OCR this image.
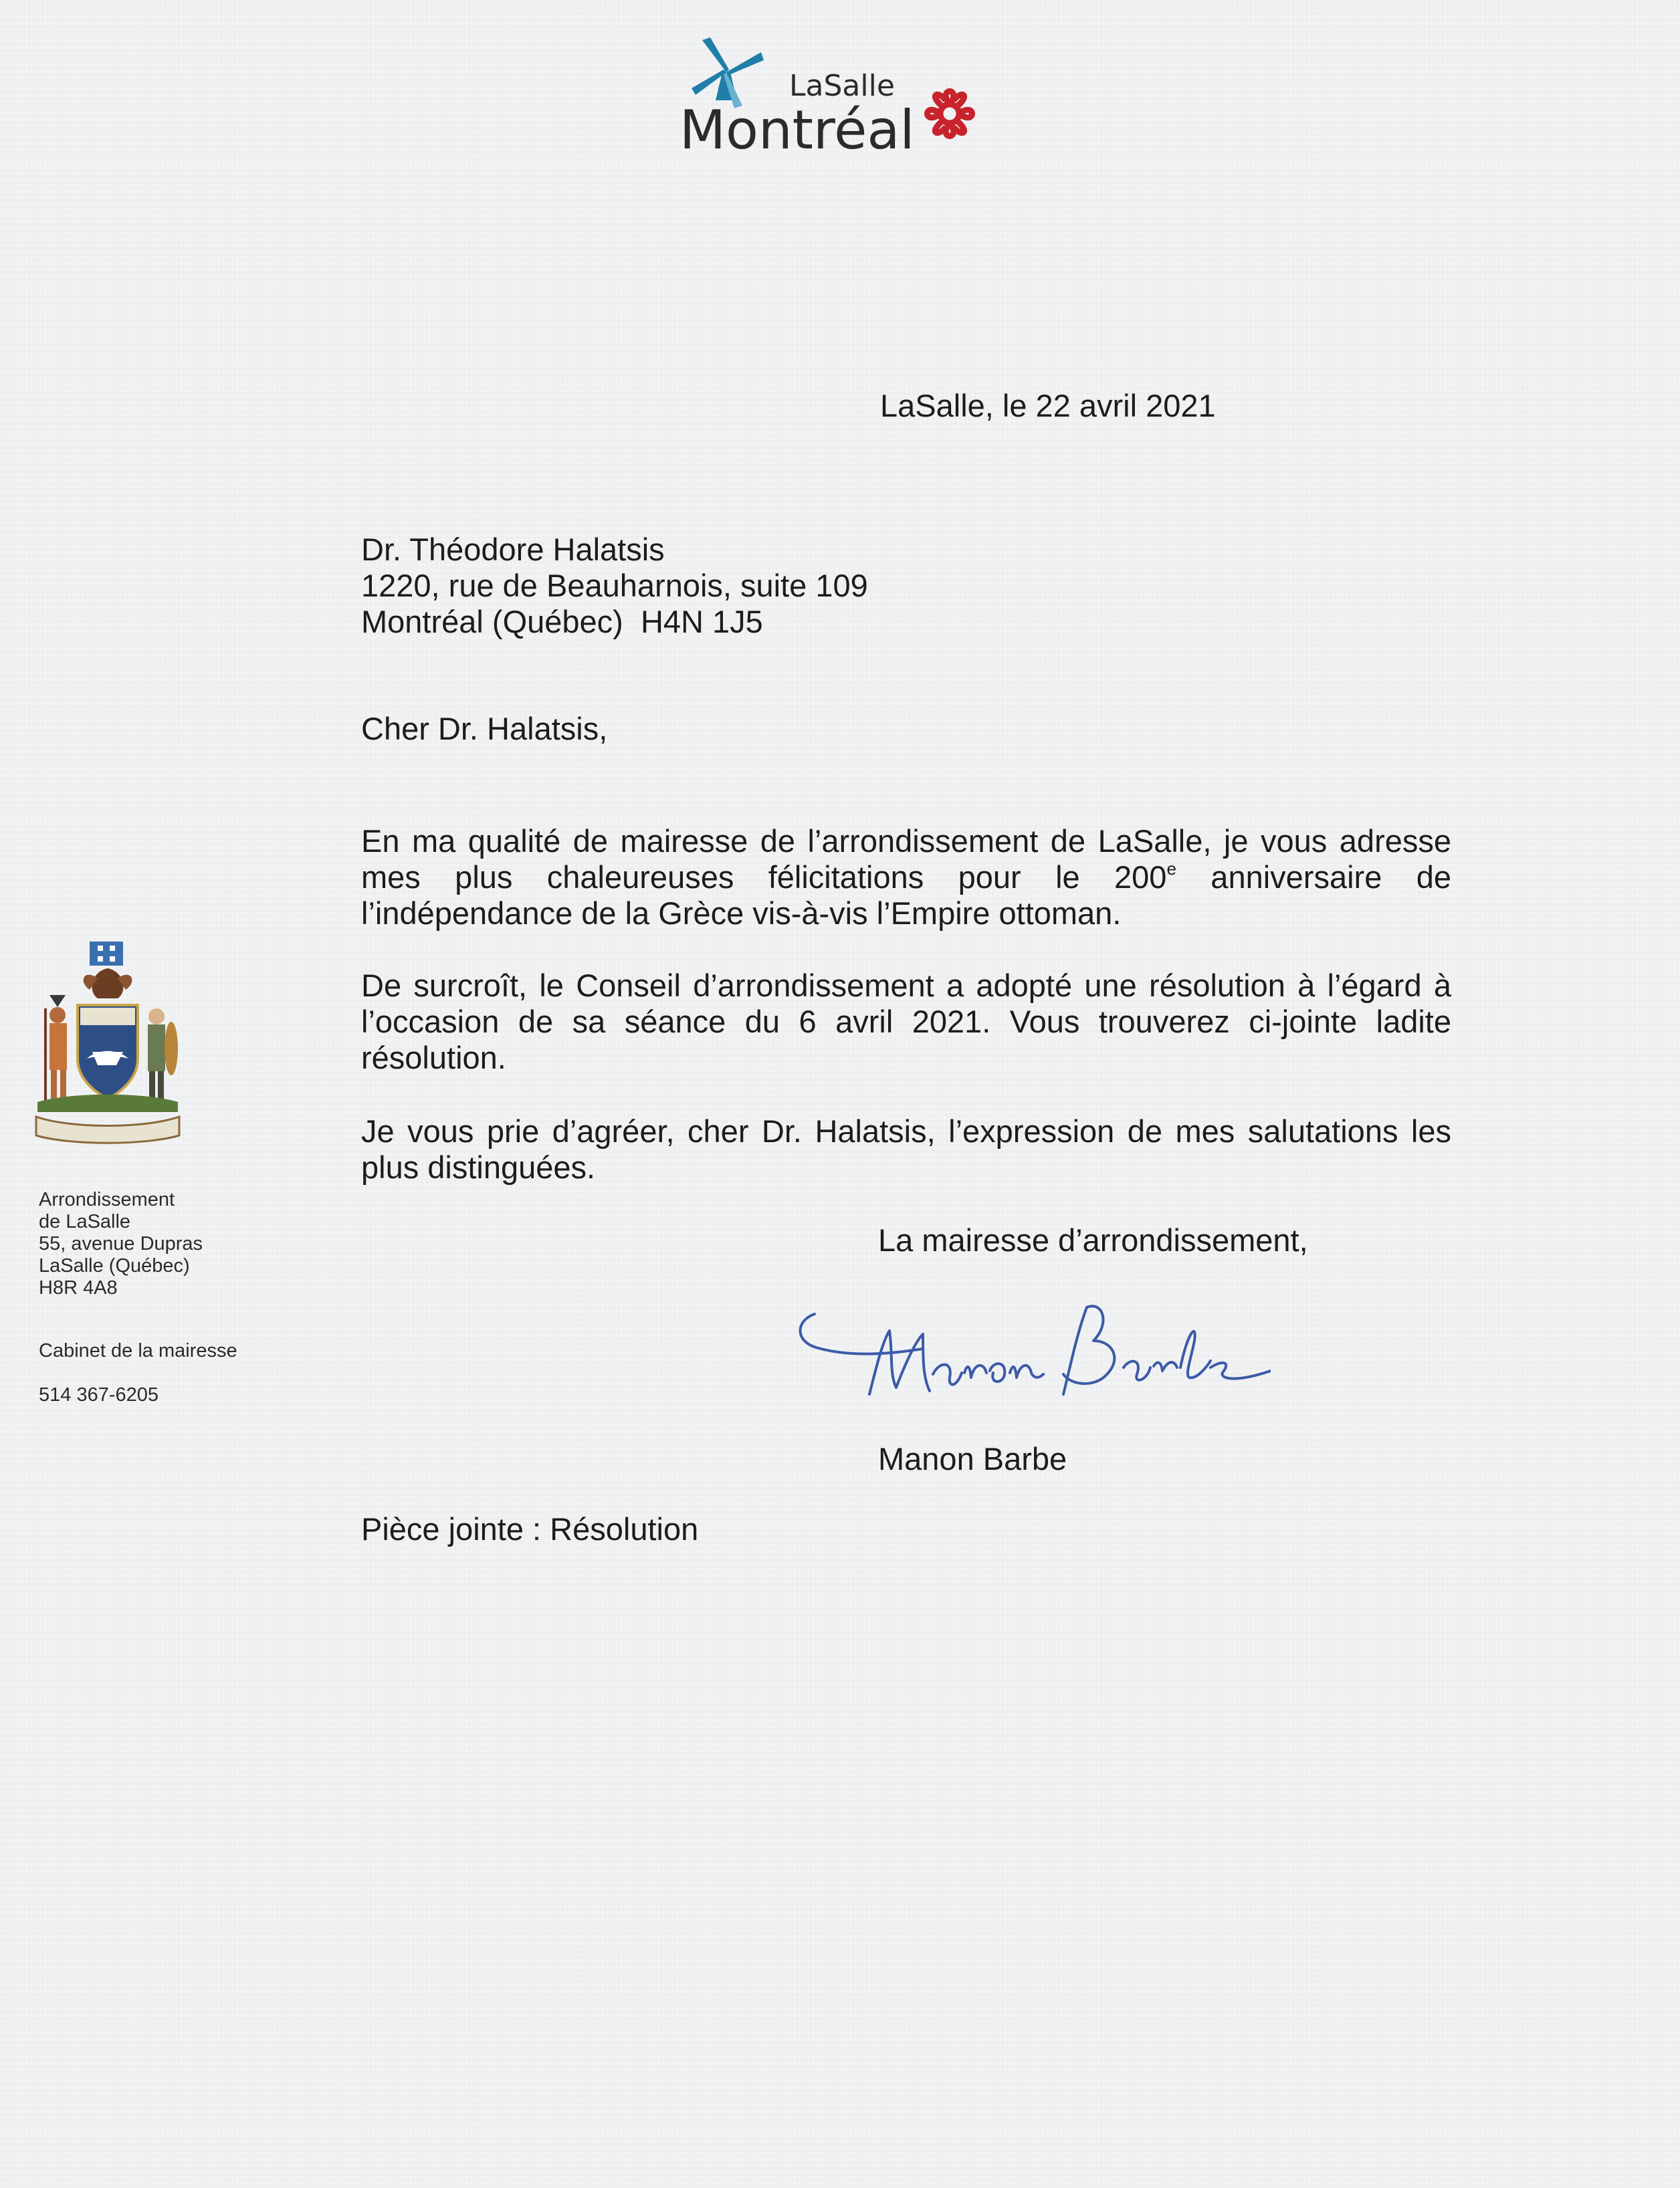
LaSalle
Montréal
LaSalle, le 22 avril 2021
Dr. Théodore Halatsis
1220, rue de Beauharnois, suite 109
Montréal (Québec)  H4N 1J5
Cher Dr. Halatsis,
En ma qualité de mairesse de l’arrondissement de LaSalle, je vous adresse
mes plus chaleureuses félicitations pour le 200e anniversaire de
l’indépendance de la Grèce vis-à-vis l’Empire ottoman.
De surcroît, le Conseil d’arrondissement a adopté une résolution à l’égard à
l’occasion de sa séance du 6 avril 2021. Vous trouverez ci-jointe ladite
résolution.
Je vous prie d’agréer, cher Dr. Halatsis, l’expression de mes salutations les
plus distinguées.
La mairesse d’arrondissement,
Manon Barbe
Pièce jointe : Résolution
Arrondissement
de LaSalle
55, avenue Dupras
LaSalle (Québec)
H8R 4A8
Cabinet de la mairesse
514 367-6205
